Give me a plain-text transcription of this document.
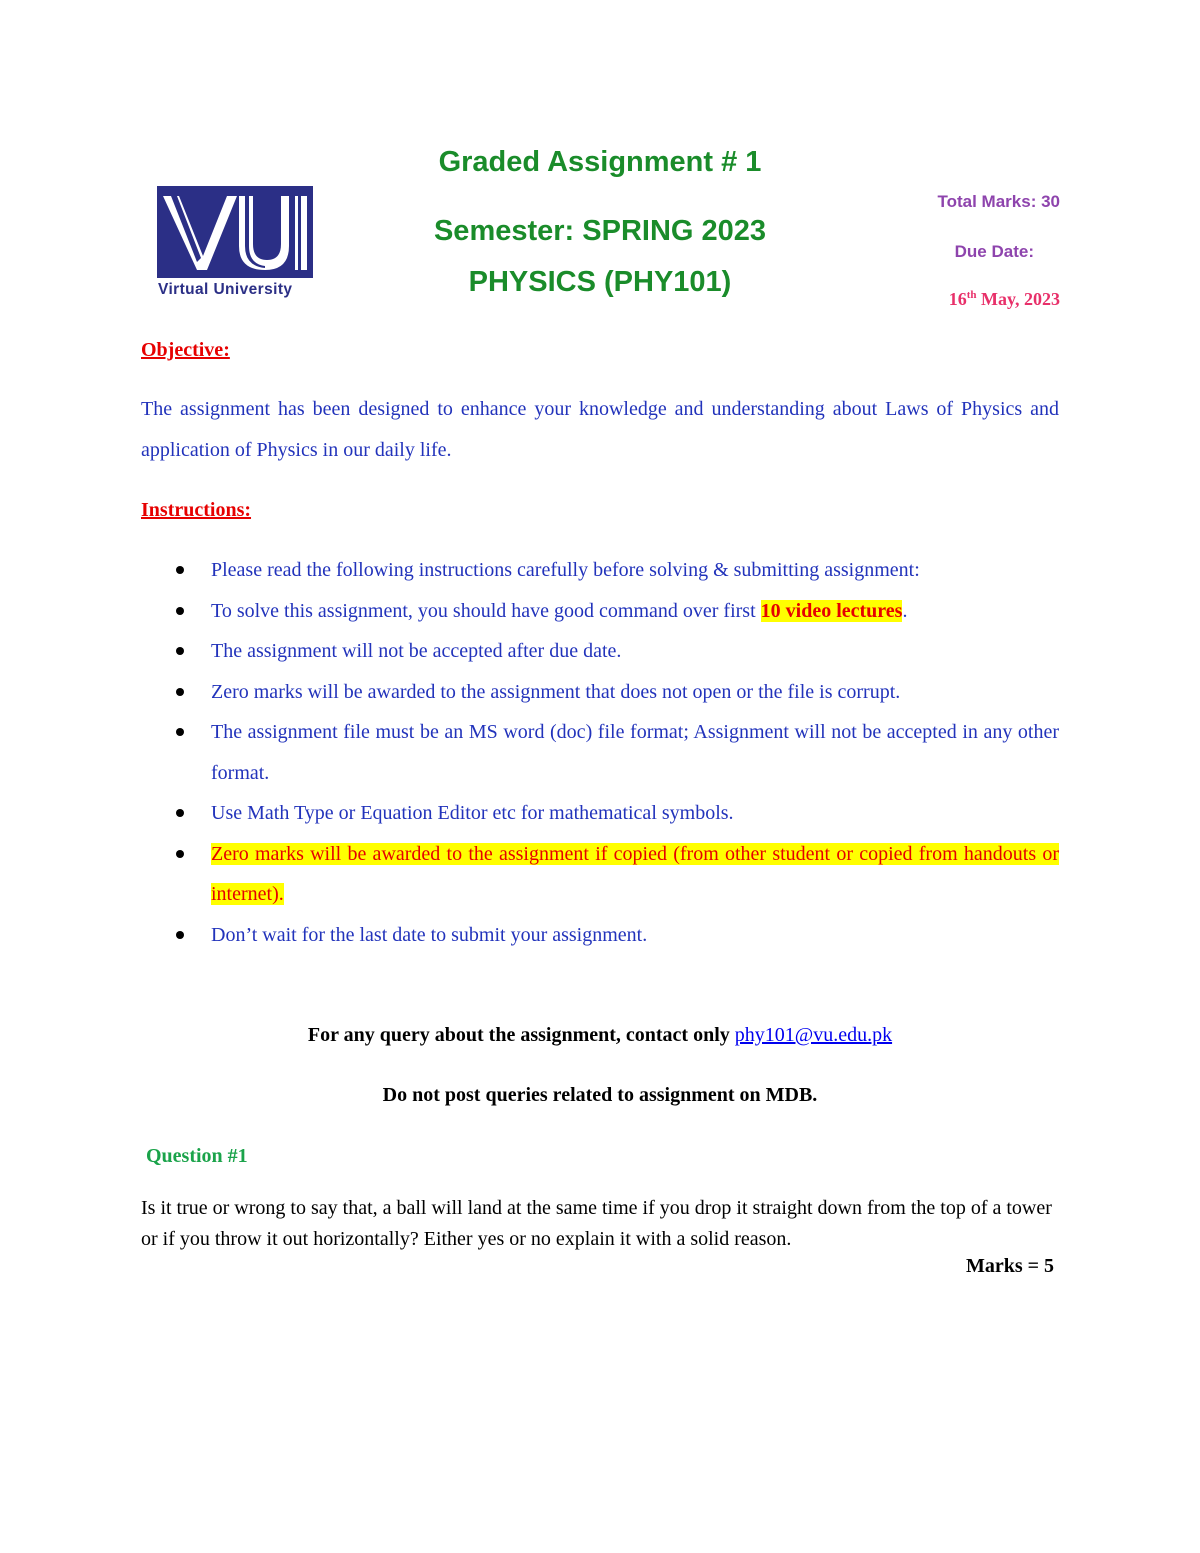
Virtual University
Graded Assignment # 1
Semester: SPRING 2023
PHYSICS (PHY101)
Total Marks: 30
Due Date:
16th May, 2023
Objective:
The assignment has been designed to enhance your knowledge and understanding about Laws of Physics and application of Physics in our daily life.
Instructions:
Please read the following instructions carefully before solving & submitting assignment:
To solve this assignment, you should have good command over first 10 video lectures.
The assignment will not be accepted after due date.
Zero marks will be awarded to the assignment that does not open or the file is corrupt.
The assignment file must be an MS word (doc) file format; Assignment will not be accepted in any other format.
Use Math Type or Equation Editor etc for mathematical symbols.
Zero marks will be awarded to the assignment if copied (from other student or copied from handouts or internet).
Don’t wait for the last date to submit your assignment.
For any query about the assignment, contact only phy101@vu.edu.pk
Do not post queries related to assignment on MDB.
Question #1
Is it true or wrong to say that, a ball will land at the same time if you drop it straight down from the top of a tower or if you throw it out horizontally? Either yes or no explain it with a solid reason.
Marks = 5
